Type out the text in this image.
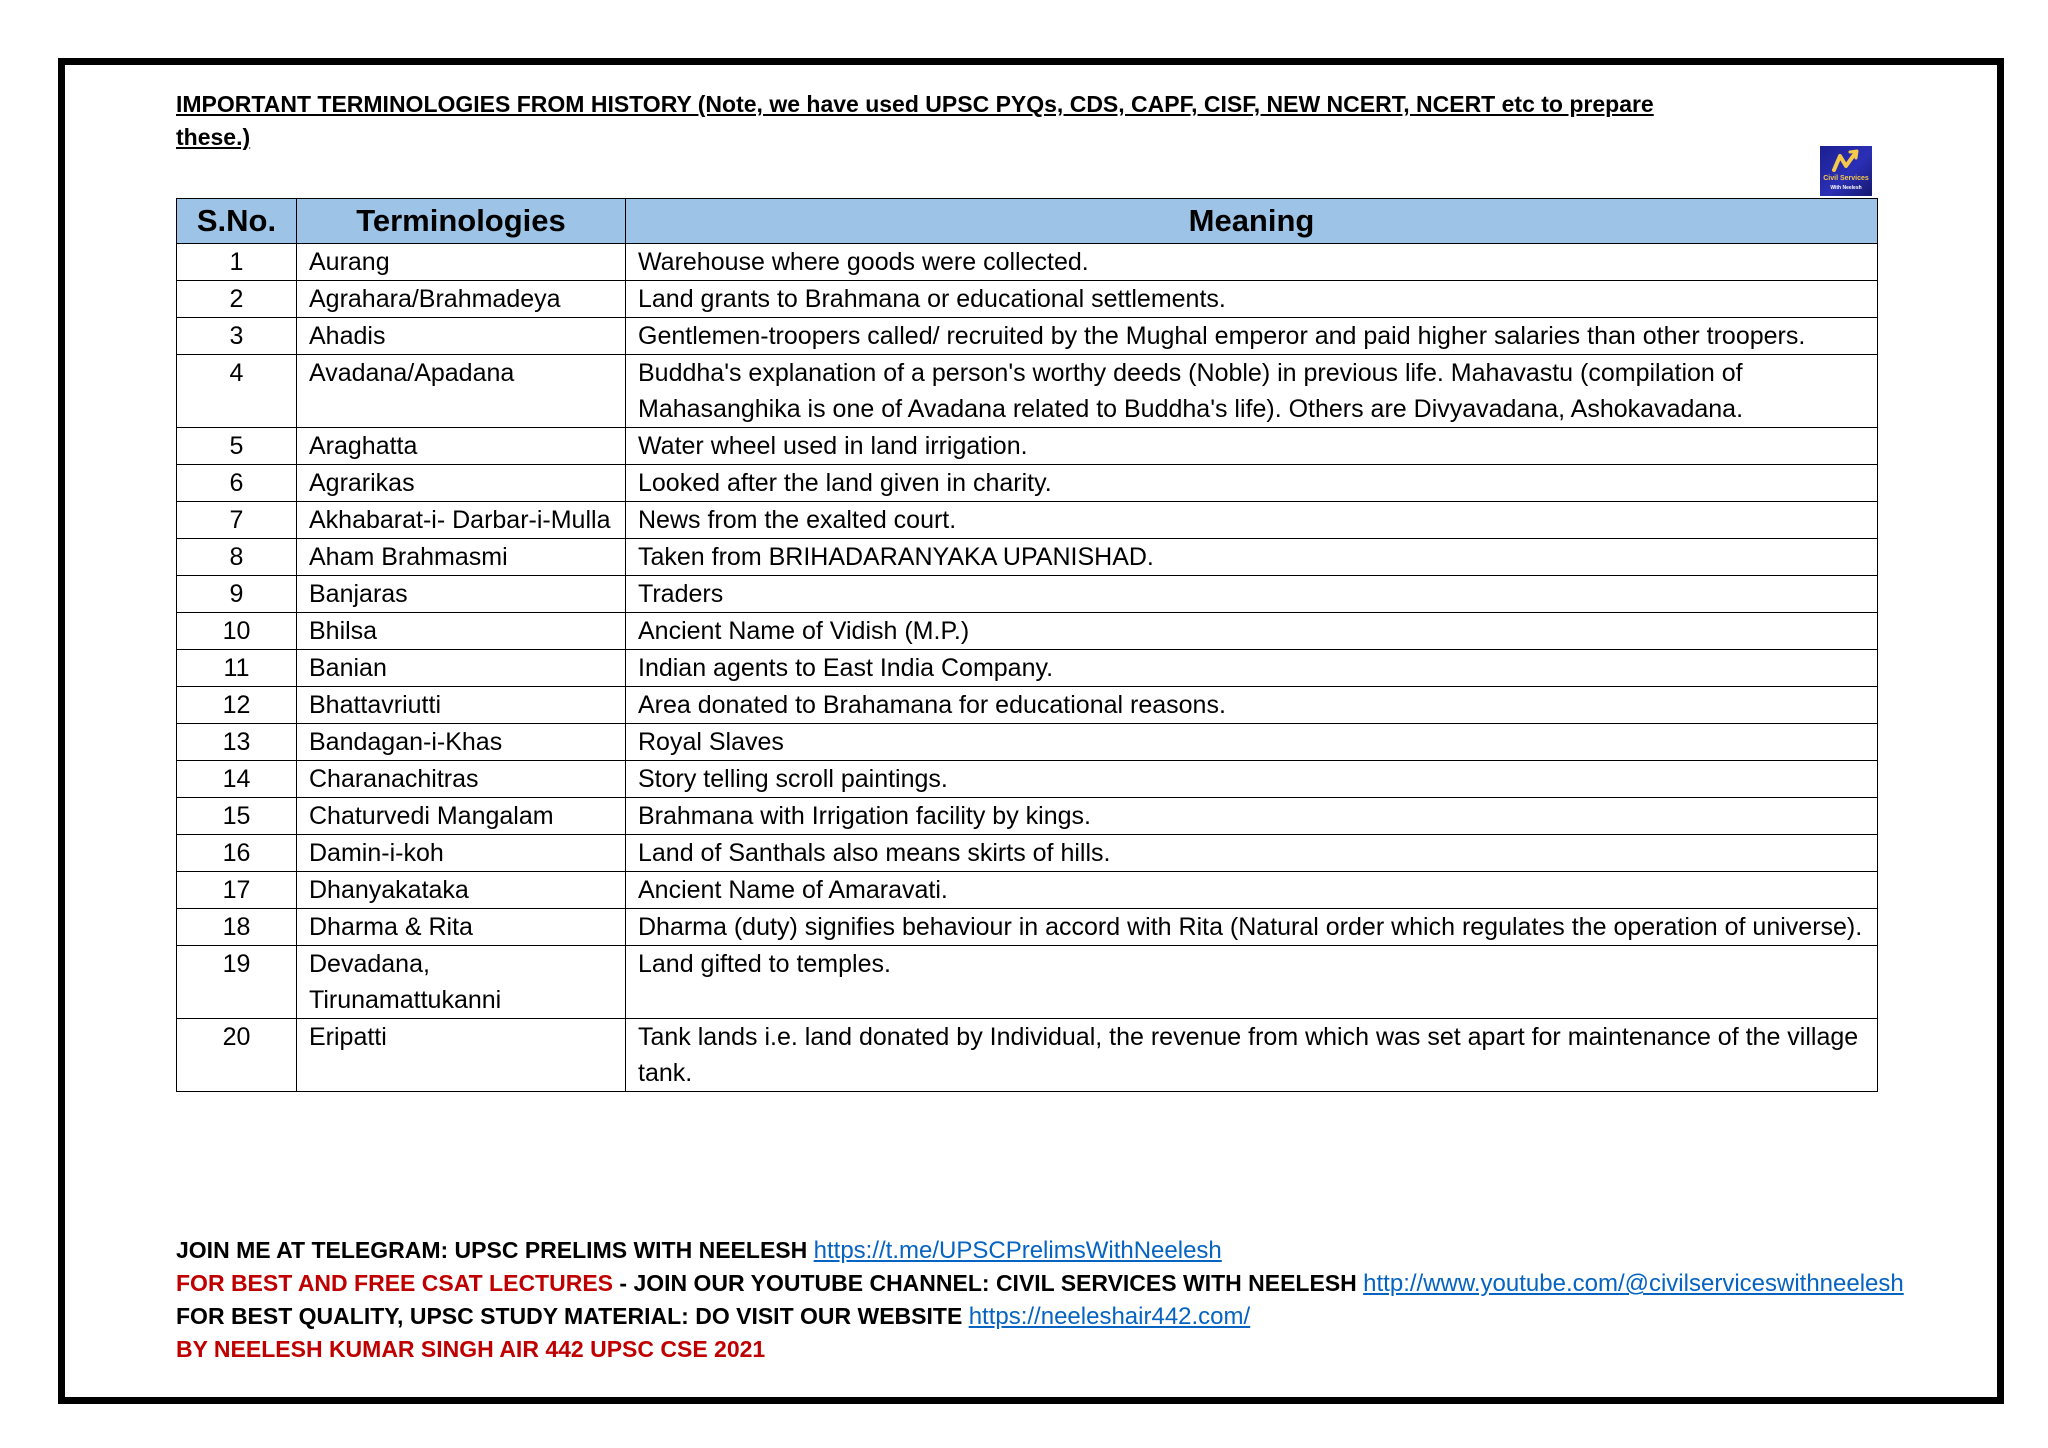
IMPORTANT TERMINOLOGIES FROM HISTORY (Note, we have used UPSC PYQs, CDS, CAPF, CISF, NEW NCERT, NCERT etc to prepare these.)
Civil Services
With Neelesh
S.No.	Terminologies	Meaning
1	Aurang	Warehouse where goods were collected.
2	Agrahara/Brahmadeya	Land grants to Brahmana or educational settlements.
3	Ahadis	Gentlemen-troopers called/ recruited by the Mughal emperor and paid higher salaries than other troopers.
4	Avadana/Apadana	Buddha's explanation of a person's worthy deeds (Noble) in previous life. Mahavastu (compilation of Mahasanghika is one of Avadana related to Buddha's life). Others are Divyavadana, Ashokavadana.
5	Araghatta	Water wheel used in land irrigation.
6	Agrarikas	Looked after the land given in charity.
7	Akhabarat-i- Darbar-i-Mulla	News from the exalted court.
8	Aham Brahmasmi	Taken from BRIHADARANYAKA UPANISHAD.
9	Banjaras	Traders
10	Bhilsa	Ancient Name of Vidish (M.P.)
11	Banian	Indian agents to East India Company.
12	Bhattavriutti	Area donated to Brahamana for educational reasons.
13	Bandagan-i-Khas	Royal Slaves
14	Charanachitras	Story telling scroll paintings.
15	Chaturvedi Mangalam	Brahmana with Irrigation facility by kings.
16	Damin-i-koh	Land of Santhals also means skirts of hills.
17	Dhanyakataka	Ancient Name of Amaravati.
18	Dharma & Rita	Dharma (duty) signifies behaviour in accord with Rita (Natural order which regulates the operation of universe).
19	Devadana, Tirunamattukanni	Land gifted to temples.
20	Eripatti	Tank lands i.e. land donated by Individual, the revenue from which was set apart for maintenance of the village tank.
JOIN ME AT TELEGRAM: UPSC PRELIMS WITH NEELESH https://t.me/UPSCPrelimsWithNeelesh
FOR BEST AND FREE CSAT LECTURES - JOIN OUR YOUTUBE CHANNEL: CIVIL SERVICES WITH NEELESH http://www.youtube.com/@civilserviceswithneelesh
FOR BEST QUALITY, UPSC STUDY MATERIAL: DO VISIT OUR WEBSITE https://neeleshair442.com/
BY NEELESH KUMAR SINGH AIR 442 UPSC CSE 2021
